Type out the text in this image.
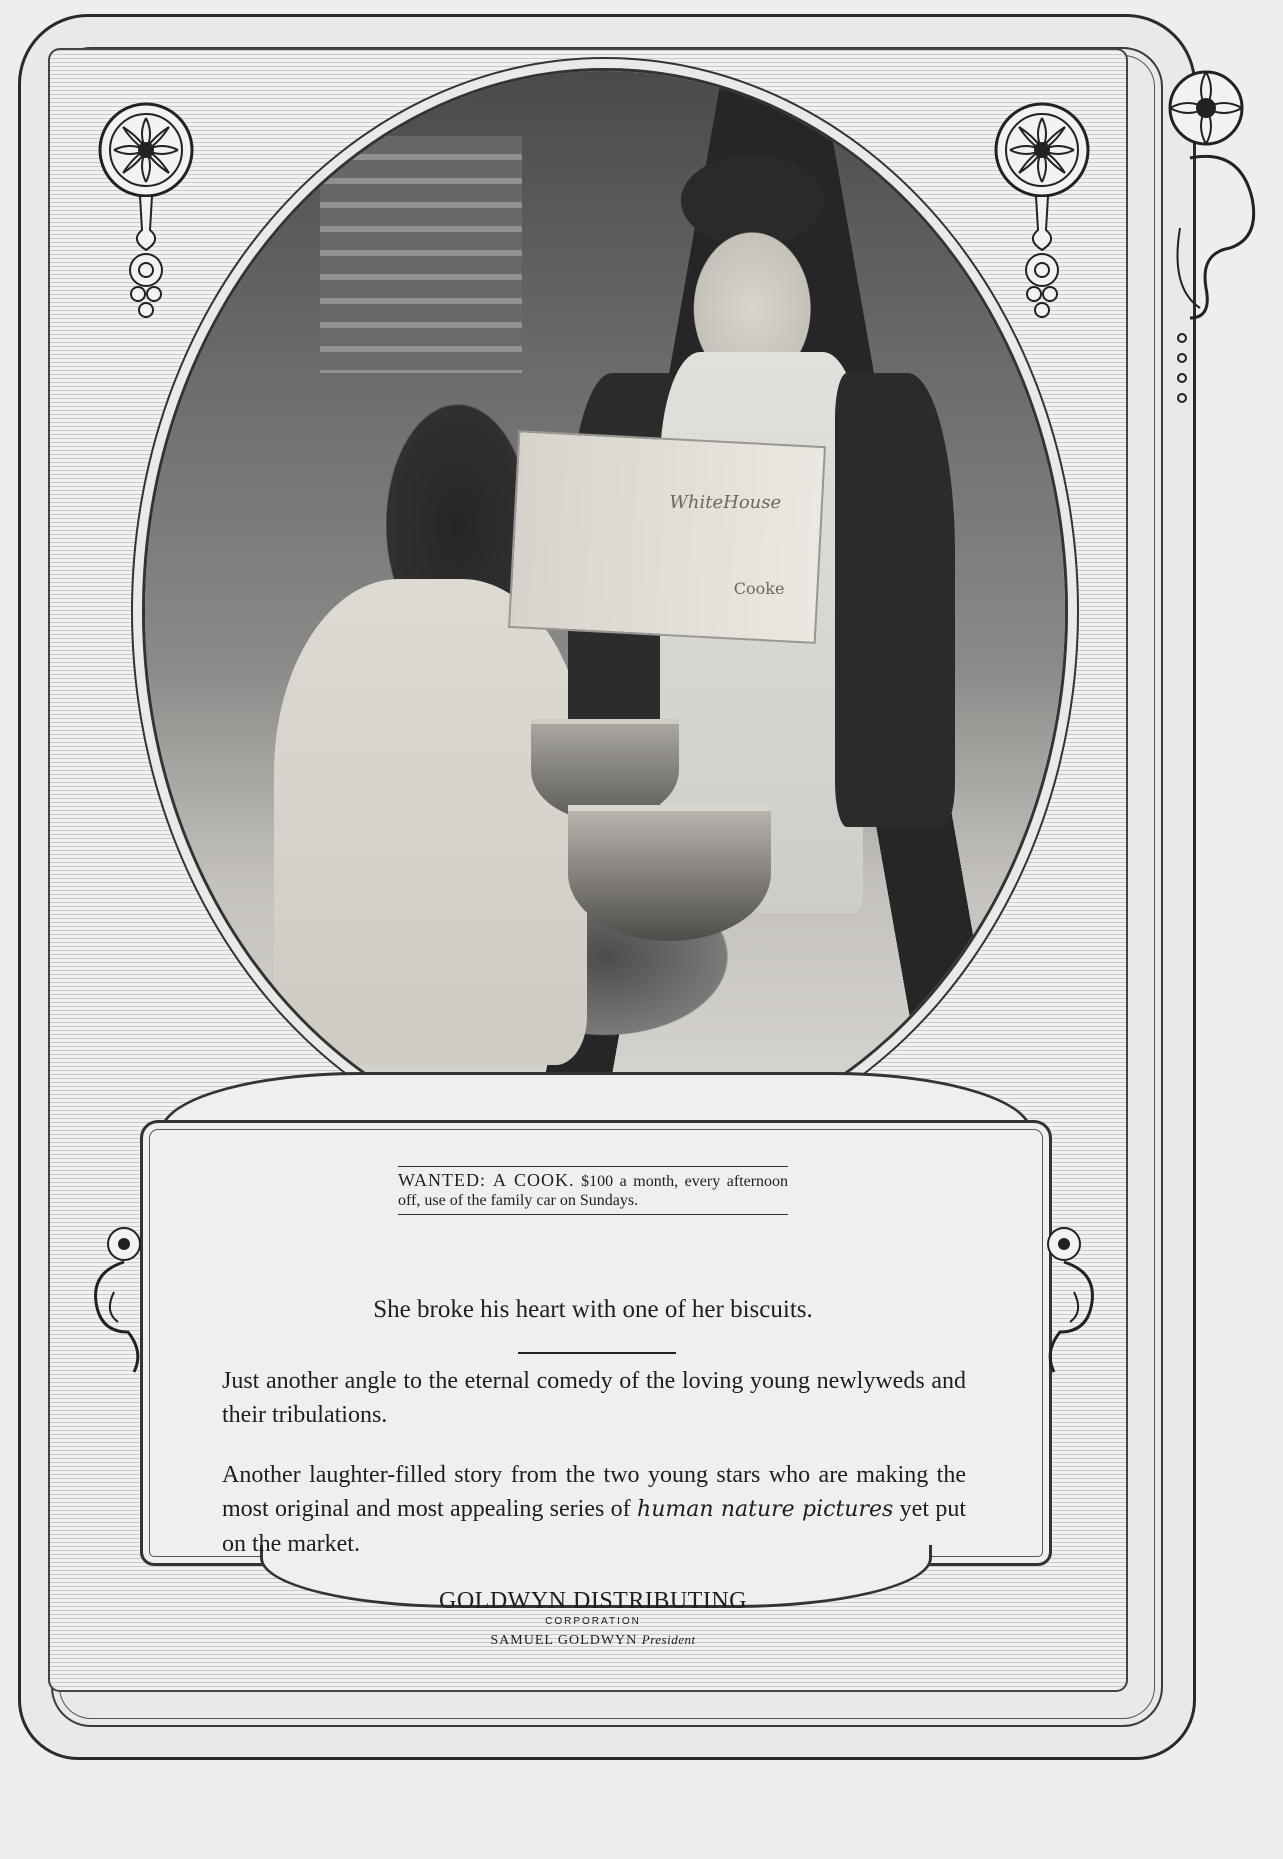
WhiteHouse
Cooke
WANTED: A COOK. $100 a month, every afternoon off, use of the family car on Sundays.
She broke his heart with one of her biscuits.
Just another angle to the eternal comedy of the loving young newlyweds and their tribulations.
Another laughter-filled story from the two young stars who are making the most original and most appealing series of human nature pictures yet put on the market.
GOLDWYN DISTRIBUTING
CORPORATION
SAMUEL GOLDWYN President
